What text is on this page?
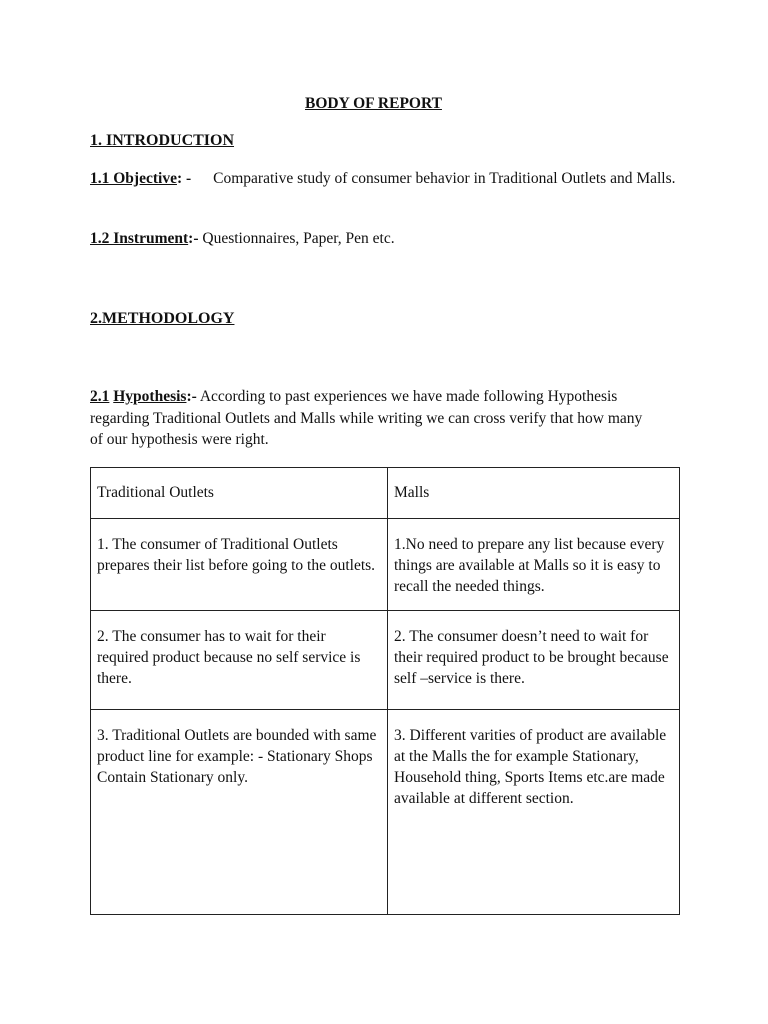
BODY OF REPORT
1. INTRODUCTION
1.1 Objective: - Comparative study of consumer behavior in Traditional Outlets and Malls.
1.2 Instrument:- Questionnaires, Paper, Pen etc.
2.METHODOLOGY
2.1 Hypothesis:- According to past experiences we have made following Hypothesis regarding Traditional Outlets and Malls while writing we can cross verify that how many of our hypothesis were right.
Traditional Outlets	Malls
1. The consumer of Traditional Outlets prepares their list before going to the outlets.	1.No need to prepare any list because every things are available at Malls so it is easy to recall the needed things.
2. The consumer has to wait for their required product because no self service is there.	2. The consumer doesn’t need to wait for their required product to be brought because self –service is there.
3. Traditional Outlets are bounded with same product line for example: - Stationary Shops Contain Stationary only.	3. Different varities of product are available at the Malls the for example Stationary, Household thing, Sports Items etc.are made available at different section.
